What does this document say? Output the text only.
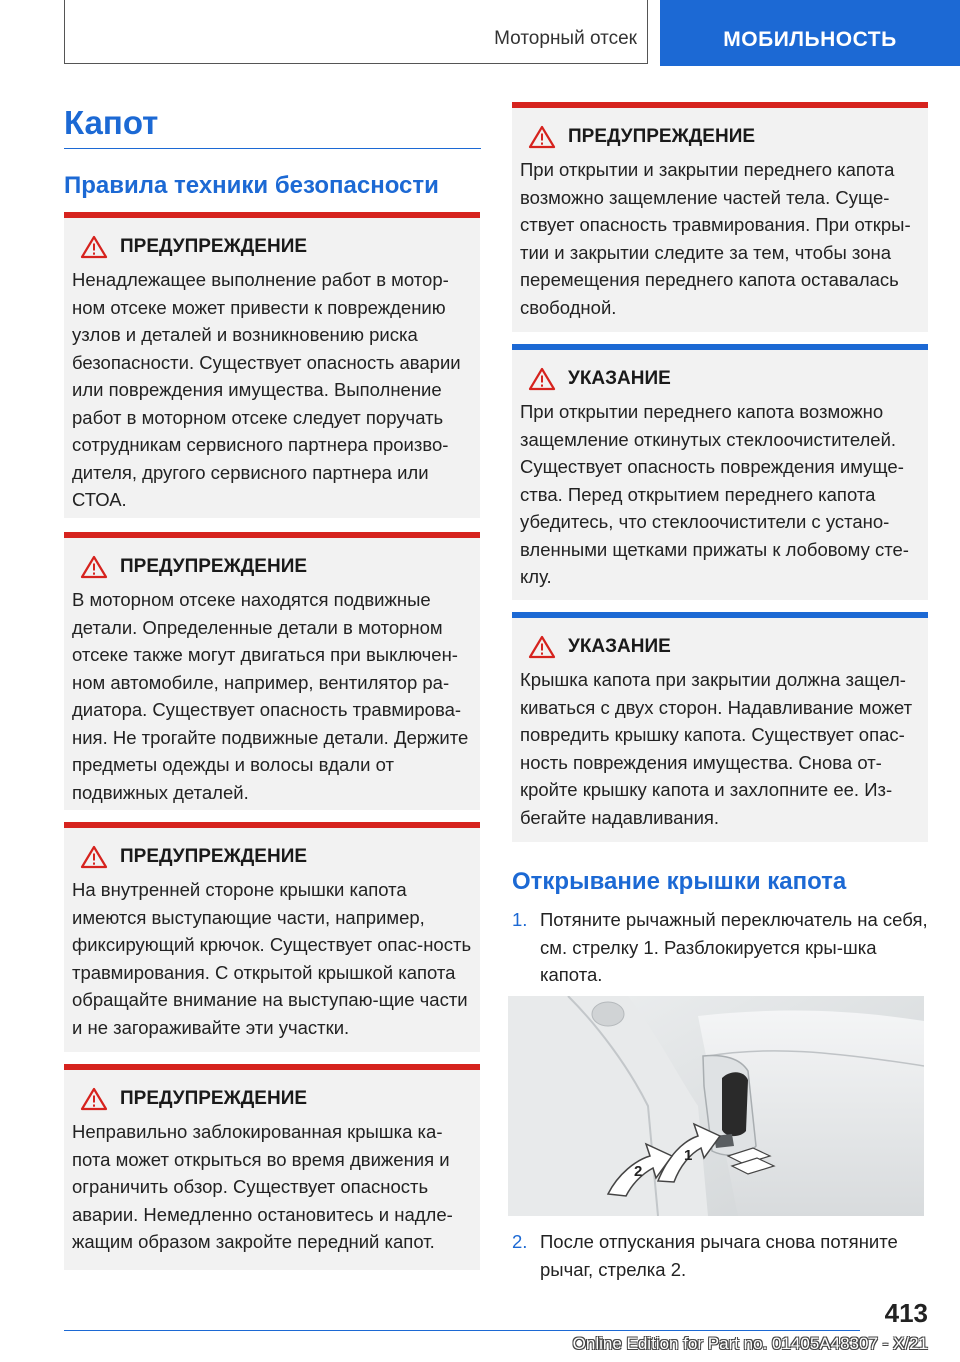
Моторный отсек	МОБИЛЬНОСТЬ
Капот
Правила техники безопасности
ПРЕДУПРЕЖДЕНИЕ
Ненадлежащее выполнение работ в мотор-ном отсеке может привести к повреждению узлов и деталей и возникновению риска безопасности. Существует опасность аварии или повреждения имущества. Выполнение работ в моторном отсеке следует поручать сотрудникам сервисного партнера произво-дителя, другого сервисного партнера или СТОА.
ПРЕДУПРЕЖДЕНИЕ
В моторном отсеке находятся подвижные детали. Определенные детали в моторном отсеке также могут двигаться при выключен-ном автомобиле, например, вентилятор ра-диатора. Существует опасность травмирова-ния. Не трогайте подвижные детали. Держите предметы одежды и волосы вдали от подвижных деталей.
ПРЕДУПРЕЖДЕНИЕ
На внутренней стороне крышки капота имеются выступающие части, например, фиксирующий крючок. Существует опас-ность травмирования. С открытой крышкой капота обращайте внимание на выступаю-щие части и не загораживайте эти участки.
ПРЕДУПРЕЖДЕНИЕ
Неправильно заблокированная крышка ка-пота может открыться во время движения и ограничить обзор. Существует опасность аварии. Немедленно остановитесь и надле-жащим образом закройте передний капот.
ПРЕДУПРЕЖДЕНИЕ
При открытии и закрытии переднего капота возможно защемление частей тела. Суще-ствует опасность травмирования. При откры-тии и закрытии следите за тем, чтобы зона перемещения переднего капота оставалась свободной.
УКАЗАНИЕ
При открытии переднего капота возможно защемление откинутых стеклоочистителей. Существует опасность повреждения имуще-ства. Перед открытием переднего капота убедитесь, что стеклоочистители с устано-вленными щетками прижаты к лобовому сте-клу.
УКАЗАНИЕ
Крышка капота при закрытии должна защел-киваться с двух сторон. Надавливание может повредить крышку капота. Существует опас-ность повреждения имущества. Снова от-кройте крышку капота и захлопните ее. Из-бегайте надавливания.
Открывание крышки капота
1. Потяните рычажный переключатель на себя, см. стрелку 1. Разблокируется кры-шка капота.
1
2
2. После отпускания рычага снова потяните рычаг, стрелка 2.
413
Online Edition for Part no. 01405A48307 - X/21
